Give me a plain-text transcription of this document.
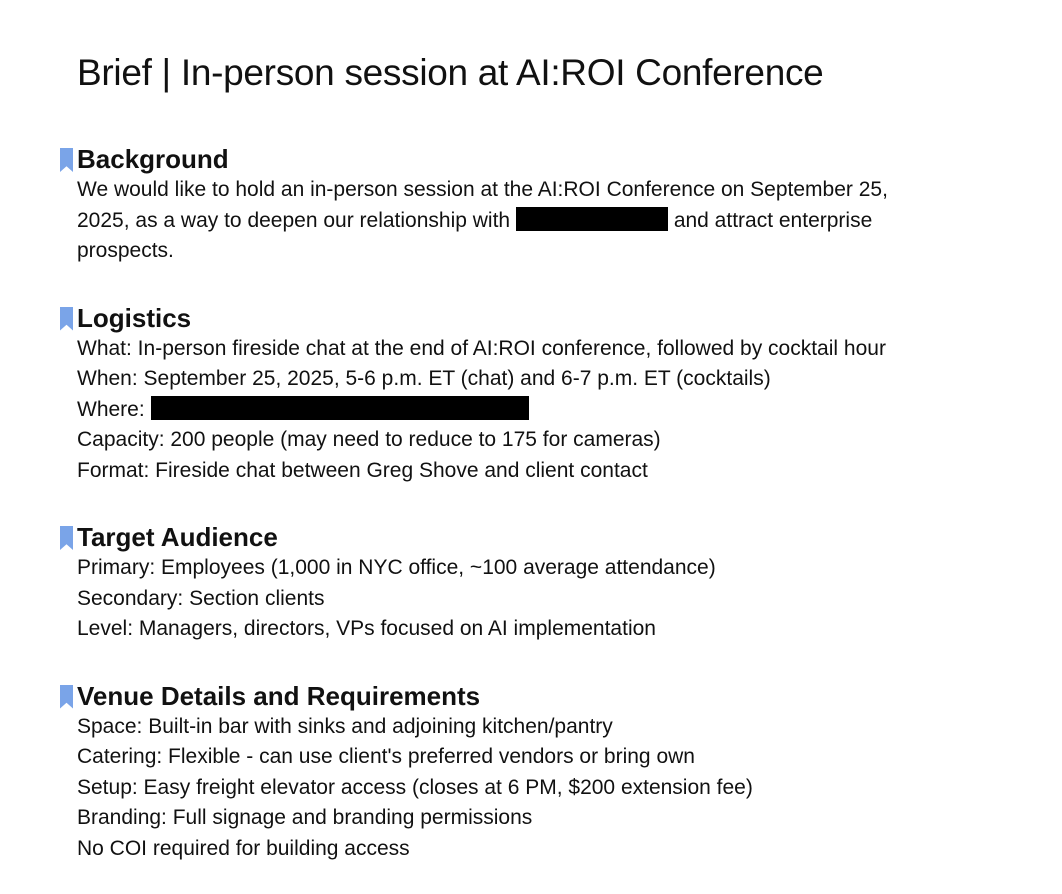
Brief | In-person session at AI:ROI Conference
Background

We would like to hold an in-person session at the AI:ROI Conference on September 25,
2025, as a way to deepen our relationship with	and attract enterprise
prospects.

Logistics

What: In-person fireside chat at the end of AI:ROI conference, followed by cocktail hour
When: September 25, 2025, 5-6 p.m. ET (chat) and 6-7 p.m. ET (cocktails)
Where:
Capacity: 200 people (may need to reduce to 175 for cameras)
Format: Fireside chat between Greg Shove and client contact

Target Audience

Primary: Employees (1,000 in NYC office, ~100 average attendance)
Secondary: Section clients
Level: Managers, directors, VPs focused on AI implementation

Venue Details and Requirements

Space: Built-in bar with sinks and adjoining kitchen/pantry
Catering: Flexible - can use client's preferred vendors or bring own
Setup: Easy freight elevator access (closes at 6 PM, $200 extension fee)
Branding: Full signage and branding permissions
No COI required for building access
